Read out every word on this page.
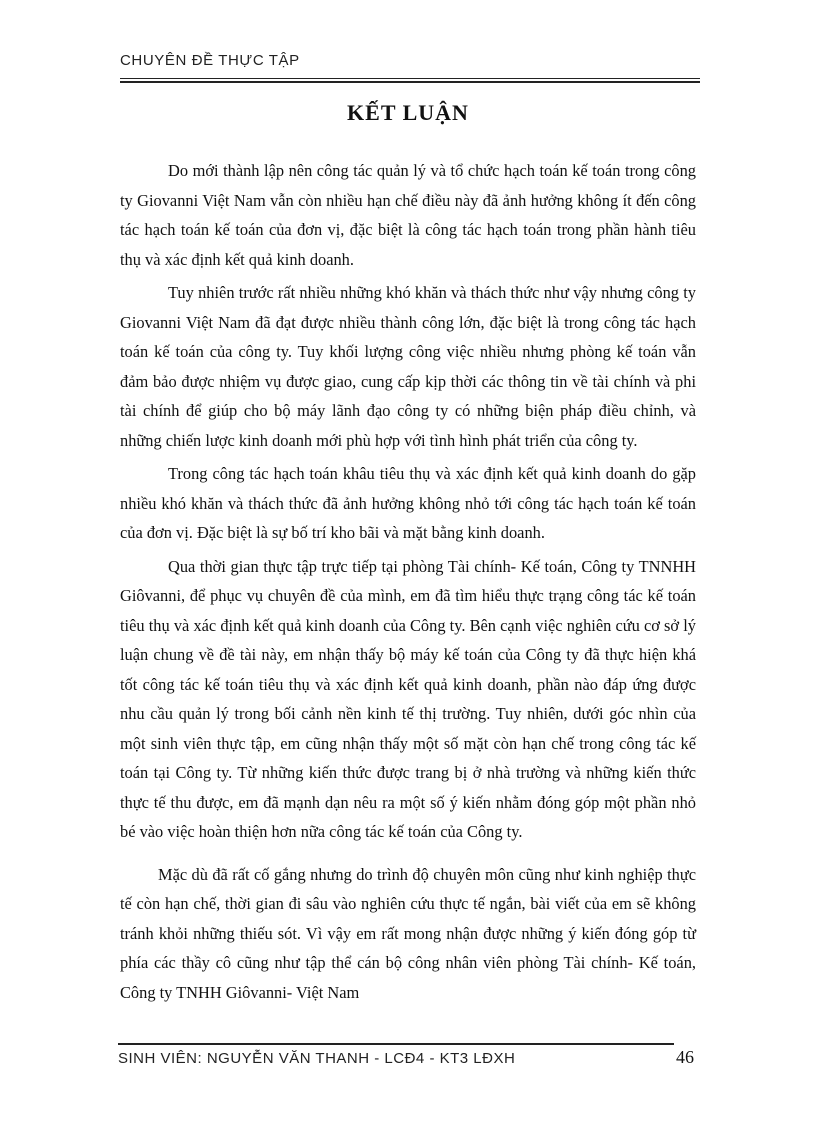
CHUYÊN ĐỀ THỰC TẬP
KẾT LUẬN

Do mới thành lập nên công tác quản lý và tổ chức hạch toán kế toán trong công ty Giovanni Việt Nam vẫn còn nhiều hạn chế điều này đã ảnh hưởng không ít đến công tác hạch toán kế toán của đơn vị, đặc biệt là công tác hạch toán trong phần hành tiêu thụ và xác định kết quả kinh doanh.

Tuy nhiên trước rất nhiều những khó khăn và thách thức như vậy nhưng công ty Giovanni Việt Nam đã đạt được nhiều thành công lớn, đặc biệt là trong công tác hạch toán kế toán của công ty. Tuy khối lượng công việc nhiều nhưng phòng kế toán vẫn đảm bảo được nhiệm vụ được giao, cung cấp kịp thời các thông tin về tài chính và phi tài chính để giúp cho bộ máy lãnh đạo công ty có những biện pháp điều chỉnh, và những chiến lược kinh doanh mới phù hợp với tình hình phát triển của công ty.

Trong công tác hạch toán khâu tiêu thụ và xác định kết quả kinh doanh do gặp nhiều khó khăn và thách thức đã ảnh hưởng không nhỏ tới công tác hạch toán kế toán của đơn vị. Đặc biệt là sự bố trí kho bãi và mặt bằng kinh doanh.

Qua thời gian thực tập trực tiếp tại phòng Tài chính- Kế toán, Công ty TNNHH Giôvanni, để phục vụ chuyên đề của mình, em đã tìm hiểu thực trạng công tác kế toán tiêu thụ và xác định kết quả kinh doanh của Công ty. Bên cạnh việc nghiên cứu cơ sở lý luận chung về đề tài này, em nhận thấy bộ máy kế toán của Công ty đã thực hiện khá tốt công tác kế toán tiêu thụ và xác định kết quả kinh doanh, phần nào đáp ứng được nhu cầu quản lý trong bối cảnh nền kinh tế thị trường. Tuy nhiên, dưới góc nhìn của một sinh viên thực tập, em cũng nhận thấy một số mặt còn hạn chế trong công tác kế toán tại Công ty. Từ những kiến thức được trang bị ở nhà trường và những kiến thức thực tế thu được, em đã mạnh dạn nêu ra một số ý kiến nhằm đóng góp một phần nhỏ bé vào việc hoàn thiện hơn nữa công tác kế toán của Công ty.

Mặc dù đã rất cố gắng nhưng do trình độ chuyên môn cũng như kinh nghiệp thực tế còn hạn chế, thời gian đi sâu vào nghiên cứu thực tế ngắn, bài viết của em sẽ không tránh khỏi những thiếu sót. Vì vậy em rất mong nhận được những ý kiến đóng góp từ phía các thầy cô cũng như tập thể cán bộ công nhân viên phòng Tài chính- Kế toán, Công ty TNHH Giôvanni- Việt Nam

SINH VIÊN: NGUYỄN VĂN THANH - LCĐ4 - KT3 LĐXH	46
